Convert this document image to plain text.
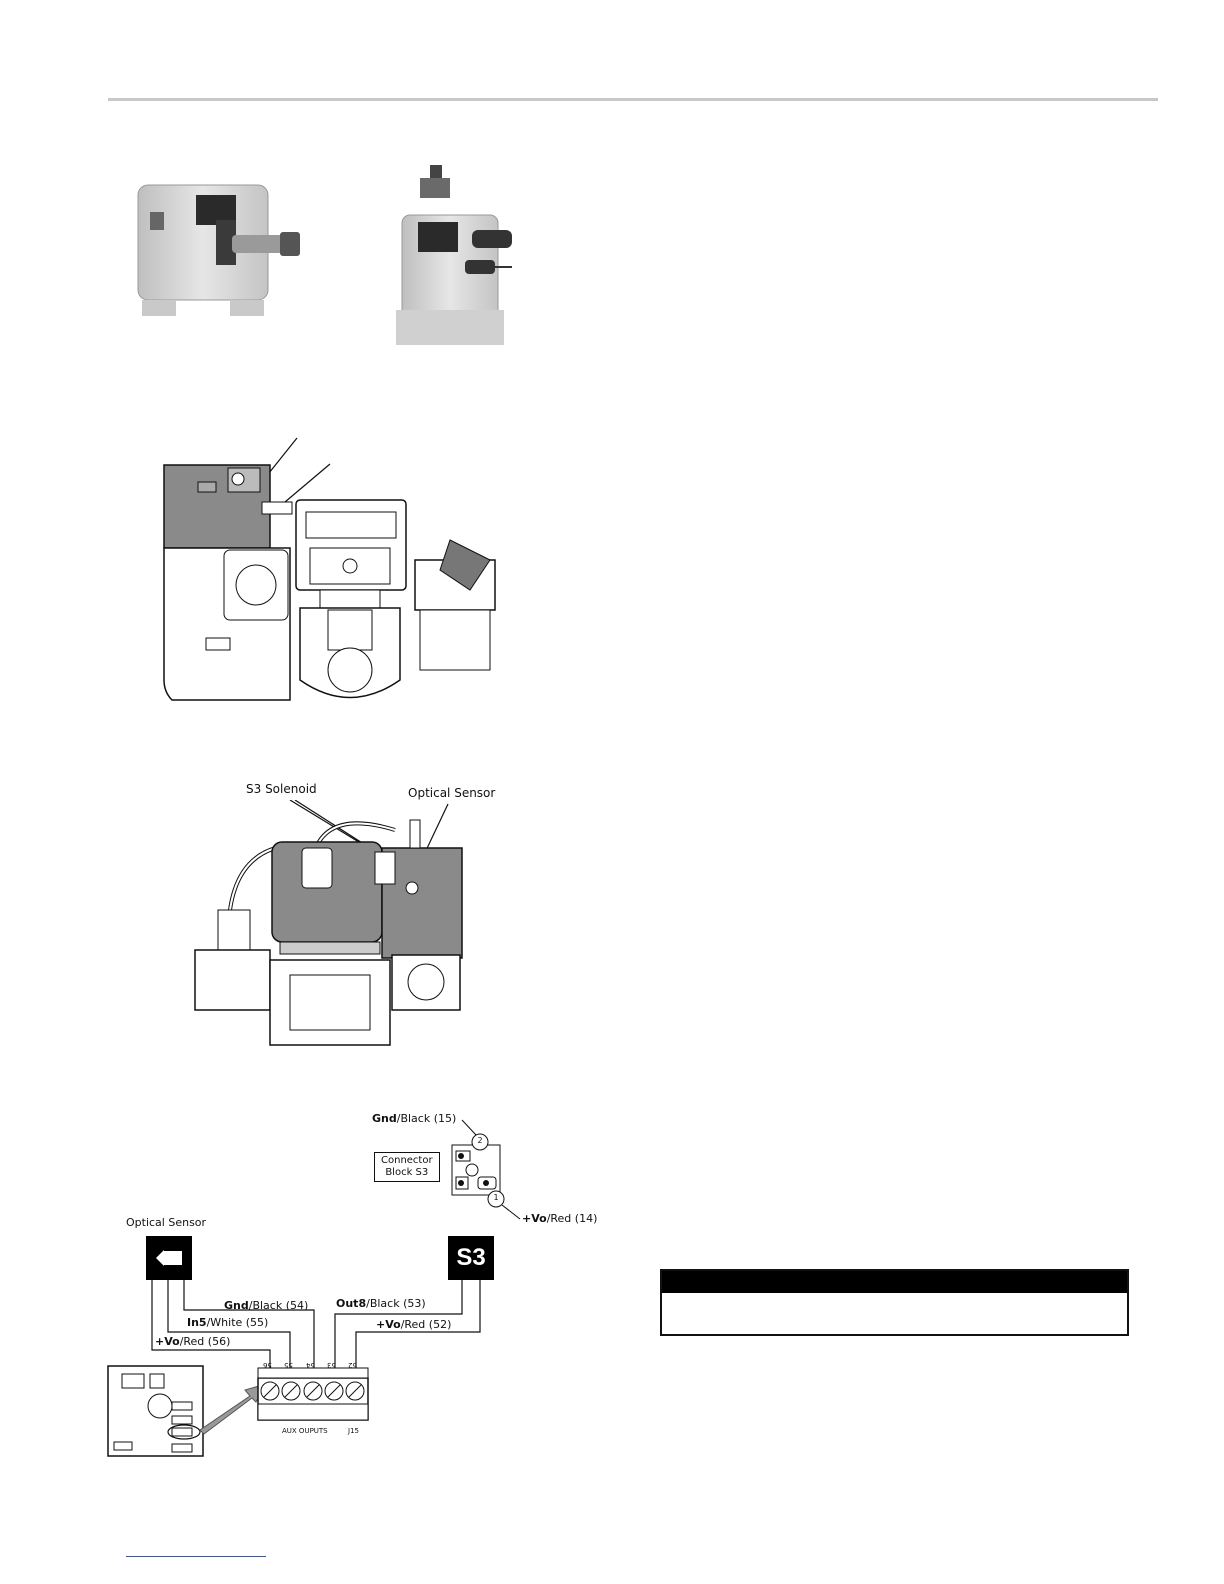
S3 Solenoid	Optical Sensor
Gnd/Black (15)
Connector
Block S3
+Vo/Red (14)
2
1
Optical Sensor
S3
Gnd/Black (54)
In5/White (55)
+Vo/Red (56)
Out8/Black (53)
+Vo/Red (52)
56 55 54 53 52
AUX OUPUTS	J15
